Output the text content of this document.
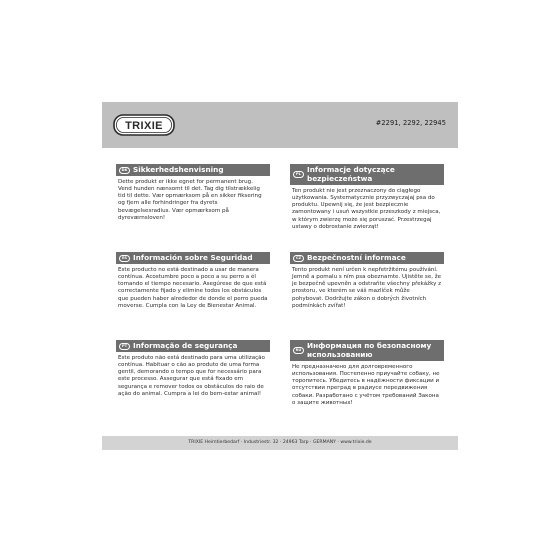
TRIXIE	#2291, 2292, 22945
DK Sikkerhedshenvisning
Dette produkt er ikke egnet for permanent brug. Vend hunden nænsomt til det. Tag dig tilstrækkelig tid til dette. Vær opmærksom på en sikker fiksering og fjern alle forhindringer fra dyrets bevægelsesradius. Vær opmærksom på dyreværnsloven!
ES Información sobre Seguridad
Este producto no está destinado a usar de manera contínua. Acostumbre poco a poco a su perro a él tomando el tiempo necesario. Asegúrese de que está correctamente fijado y elimine todos los obstáculos que pueden haber alrededor de donde el perro pueda moverse. Cumpla con la Ley de Bienestar Animal.
PT Informação de segurança
Este produto não está destinado para uma utilização contínua. Habituar o cão ao produto de uma forma gentil, demorando o tempo que for necessário para este processo. Assegurar que está fixado em segurança e remover todos os obstáculos do raio de ação do animal. Cumpra a lei do bem-estar animal!
PL Informacje dotyczące bezpieczeństwa
Ten produkt nie jest przeznaczony do ciągłego użytkowania. Systematycznie przyzwyczajaj psa do produktu. Upewnij się, że jest bezpiecznie zamontowany i usuń wszystkie przeszkody z miejsca, w którym zwierzę może się poruszać. Przestrzegaj ustawy o dobrostanie zwierząt!
CZ Bezpečnostní informace
Tento produkt není určen k nepřetržitému používání. Jemně a pomalu s ním psa obeznamte. Ujistěte se, že je bezpečně upevněn a odstraňte všechny překážky z prostoru, ve kterém se váš mazlíček může pohybovat. Dodržujte zákon o dobrých životních podmínkách zvířat!
RU Информация по безопасному использованию
Не предназначено для долговременного использования. Постепенно приучайте собаку, не торопитесь. Убедитесь в надёжности фиксации и отсутствии преград в радиусе передвижения собаки. Разработано с учётом требований Закона о защите животных!
TRIXIE Heimtierbedarf · Industriestr. 32 · 24963 Tarp · GERMANY · www.trixie.de
